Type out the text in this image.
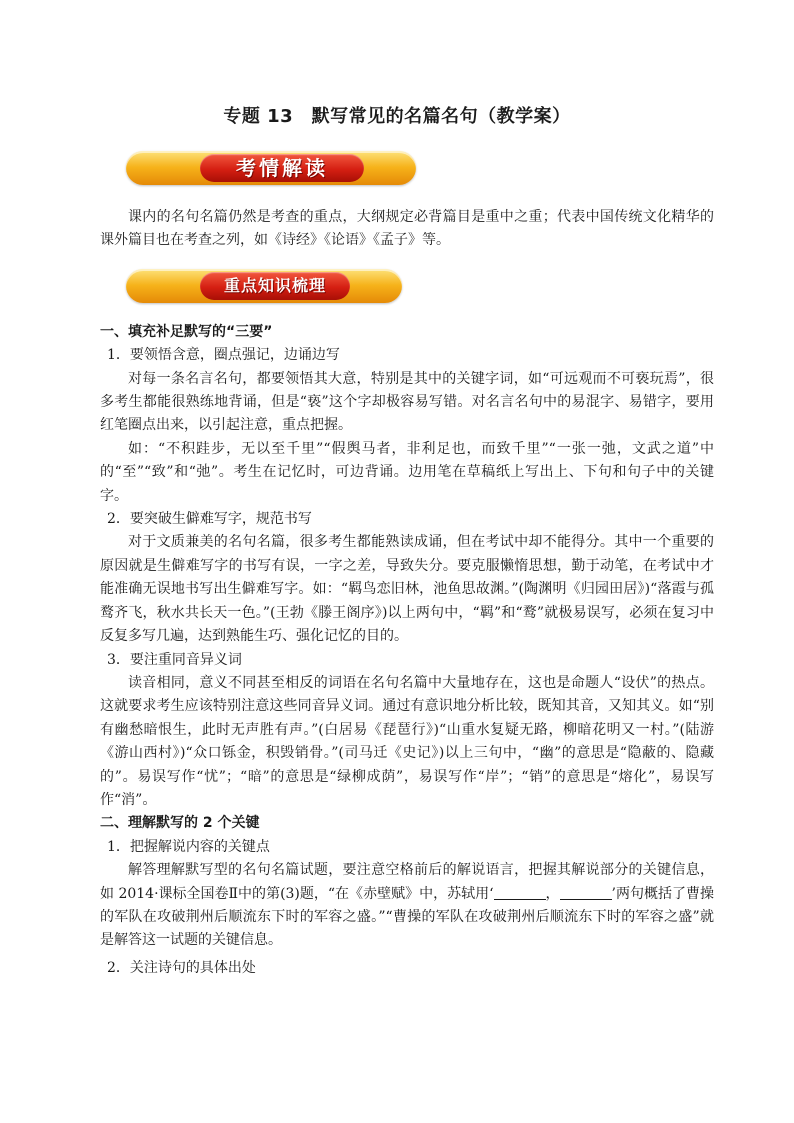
专题 13　默写常见的名篇名句（教学案）
考情解读
重点知识梳理

课内的名句名篇仍然是考查的重点，大纲规定必背篇目是重中之重；代表中国传统文化精华的课外篇目也在考查之列，如《诗经》《论语》《孟子》等。

一、填充补足默写的“三要”

1．要领悟含意，圈点强记，边诵边写

对每一条名言名句，都要领悟其大意，特别是其中的关键字词，如“可远观而不可亵玩焉”，很多考生都能很熟练地背诵，但是“亵”这个字却极容易写错。对名言名句中的易混字、易错字，要用红笔圈点出来，以引起注意，重点把握。

如：“不积跬步，无以至千里”“假舆马者，非利足也，而致千里”“一张一弛，文武之道”中的“至”“致”和“弛”。考生在记忆时，可边背诵。边用笔在草稿纸上写出上、下句和句子中的关键字。

2．要突破生僻难写字，规范书写

对于文质兼美的名句名篇，很多考生都能熟读成诵，但在考试中却不能得分。其中一个重要的原因就是生僻难写字的书写有误，一字之差，导致失分。要克服懒惰思想，勤于动笔，在考试中才能准确无误地书写出生僻难写字。如：“羁鸟恋旧林，池鱼思故渊。”(陶渊明《归园田居》)“落霞与孤鹜齐飞，秋水共长天一色。”(王勃《滕王阁序》)以上两句中，“羁”和“鹜”就极易误写，必须在复习中反复多写几遍，达到熟能生巧、强化记忆的目的。

3．要注重同音异义词

读音相同，意义不同甚至相反的词语在名句名篇中大量地存在，这也是命题人“设伏”的热点。这就要求考生应该特别注意这些同音异义词。通过有意识地分析比较，既知其音，又知其义。如“别有幽愁暗恨生，此时无声胜有声。”(白居易《琵琶行》)“山重水复疑无路，柳暗花明又一村。”(陆游《游山西村》)“众口铄金，积毁销骨。”(司马迁《史记》)以上三句中，“幽”的意思是“隐蔽的、隐藏的”。易误写作“忧”；“暗”的意思是“绿柳成荫”，易误写作“岸”；“销”的意思是“熔化”，易误写作“消”。

二、理解默写的 2 个关键

1．把握解说内容的关键点

解答理解默写型的名句名篇试题，要注意空格前后的解说语言，把握其解说部分的关键信息，如 2014·课标全国卷Ⅱ中的第(3)题，“在《赤壁赋》中，苏轼用‘	，	’两句概括了曹操的军队在攻破荆州后顺流东下时的军容之盛。”“曹操的军队在攻破荆州后顺流东下时的军容之盛”就是解答这一试题的关键信息。

2．关注诗句的具体出处
